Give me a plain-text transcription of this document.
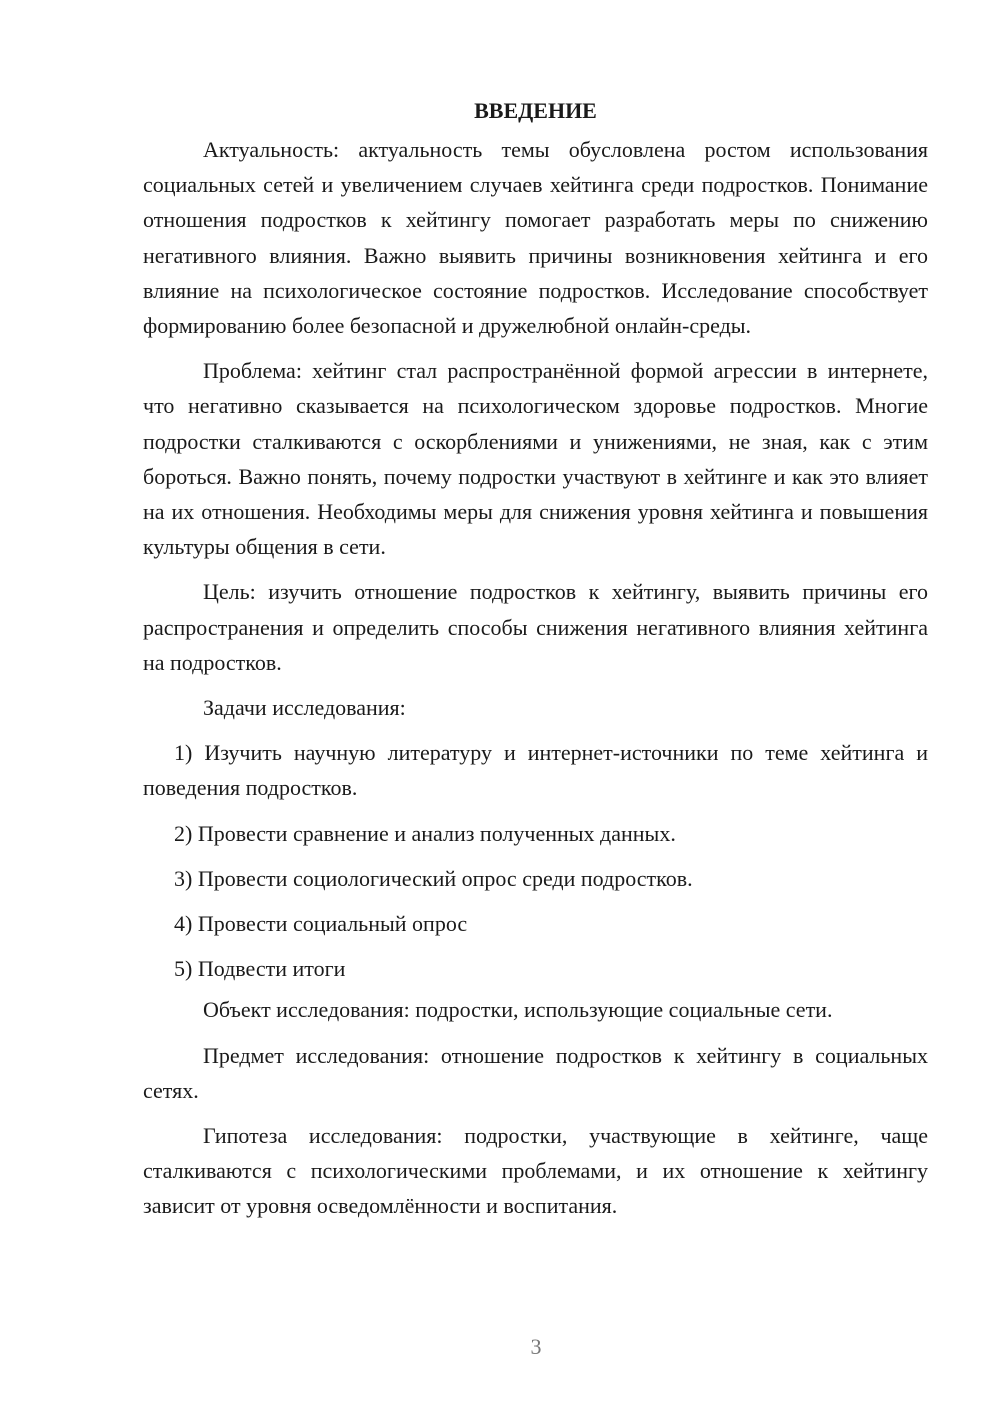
ВВЕДЕНИЕ

Актуальность: актуальность темы обусловлена ростом использования социальных сетей и увеличением случаев хейтинга среди подростков. Понимание отношения подростков к хейтингу помогает разработать меры по снижению негативного влияния. Важно выявить причины возникновения хейтинга и его влияние на психологическое состояние подростков. Исследование способствует формированию более безопасной и дружелюбной онлайн-среды.

Проблема: хейтинг стал распространённой формой агрессии в интернете, что негативно сказывается на психологическом здоровье подростков. Многие подростки сталкиваются с оскорблениями и унижениями, не зная, как с этим бороться. Важно понять, почему подростки участвуют в хейтинге и как это влияет на их отношения. Необходимы меры для снижения уровня хейтинга и повышения культуры общения в сети.

Цель: изучить отношение подростков к хейтингу, выявить причины его распространения и определить способы снижения негативного влияния хейтинга на подростков.

Задачи исследования:

1) Изучить научную литературу и интернет-источники по теме хейтинга и поведения подростков.

2) Провести сравнение и анализ полученных данных.

3) Провести социологический опрос среди подростков.

4) Провести социальный опрос

5) Подвести итоги

Объект исследования: подростки, использующие социальные сети.

Предмет исследования: отношение подростков к хейтингу в социальных сетях.

Гипотеза исследования: подростки, участвующие в хейтинге, чаще сталкиваются с психологическими проблемами, и их отношение к хейтингу зависит от уровня осведомлённости и воспитания.

3
